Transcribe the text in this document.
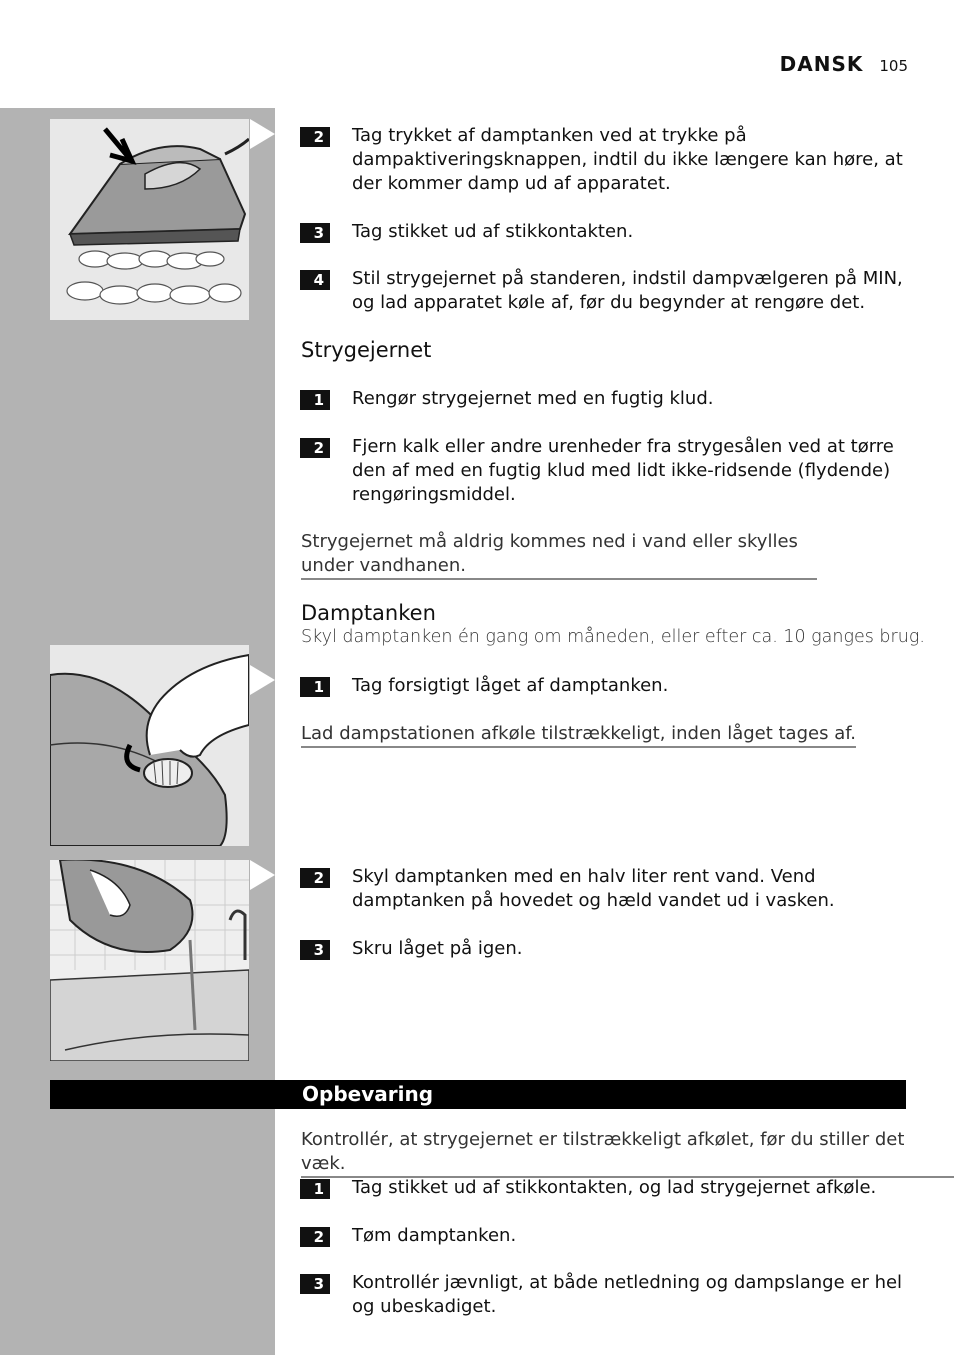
DANSK 105
2	Tag trykket af damptanken ved at trykke på dampaktiveringsknappen, indtil du ikke længere kan høre, at der kommer damp ud af apparatet.
3	Tag stikket ud af stikkontakten.
4	Stil strygejernet på standeren, indstil dampvælgeren på MIN, og lad apparatet køle af, før du begynder at rengøre det.
Strygejernet
1	Rengør strygejernet med en fugtig klud.
2	Fjern kalk eller andre urenheder fra strygesålen ved at tørre den af med en fugtig klud med lidt ikke-ridsende (flydende) rengøringsmiddel.
Strygejernet må aldrig kommes ned i vand eller skylles under vandhanen.
Damptanken
Skyl damptanken én gang om måneden, eller efter ca. 10 ganges brug.
1	Tag forsigtigt låget af damptanken.
Lad dampstationen afkøle tilstrækkeligt, inden låget tages af.
2	Skyl damptanken med en halv liter rent vand. Vend damptanken på hovedet og hæld vandet ud i vasken.
3	Skru låget på igen.
Opbevaring
Kontrollér, at strygejernet er tilstrækkeligt afkølet, før du stiller det væk.
1	Tag stikket ud af stikkontakten, og lad strygejernet afkøle.
2	Tøm damptanken.
3	Kontrollér jævnligt, at både netledning og dampslange er hel og ubeskadiget.
